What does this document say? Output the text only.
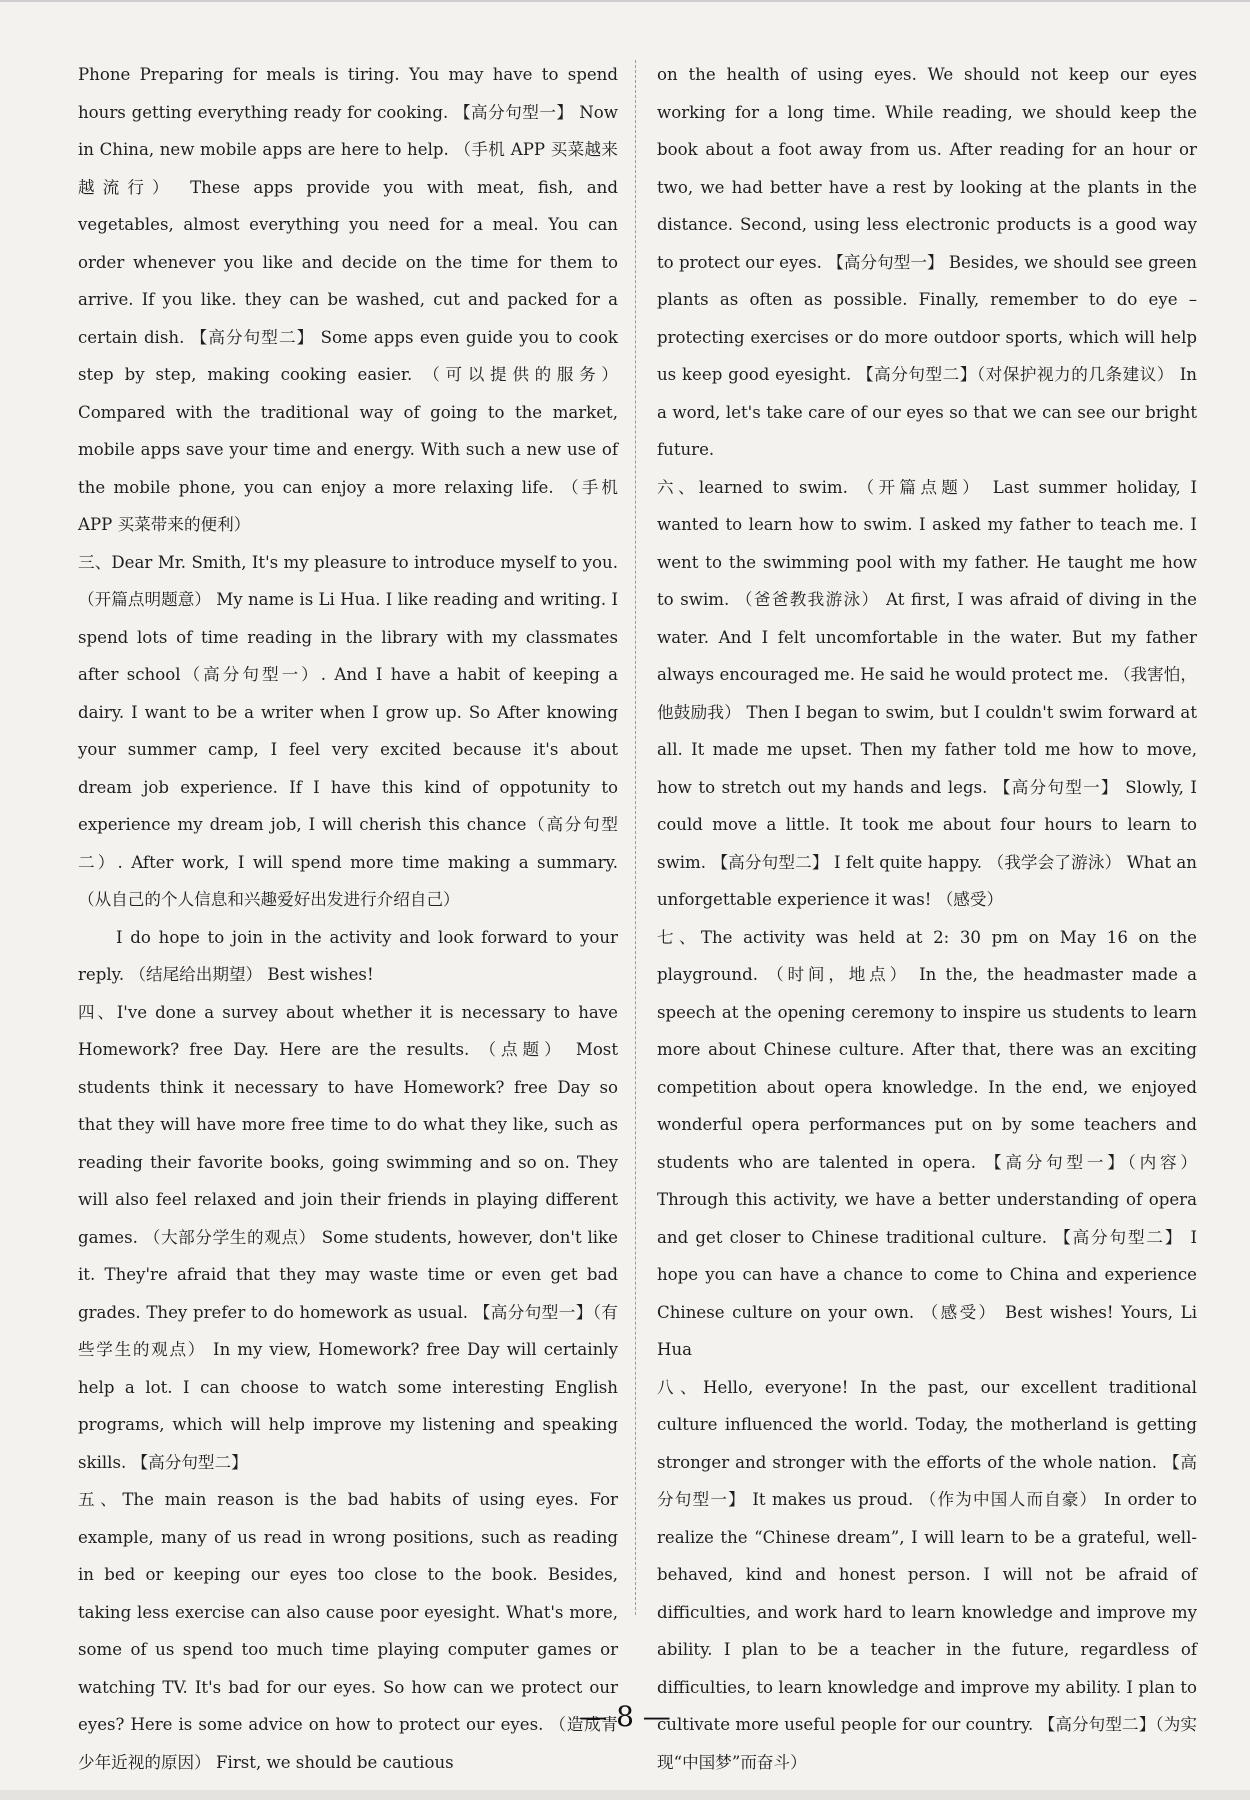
Phone Preparing for meals is tiring. You may have to spend hours getting everything ready for cooking. 【高分句型一】 Now in China, new mobile apps are here to help. （手机 APP 买菜越来越流行） These apps provide you with meat, fish, and vegetables, almost everything you need for a meal. You can order whenever you like and decide on the time for them to arrive. If you like. they can be washed, cut and packed for a certain dish. 【高分句型二】 Some apps even guide you to cook step by step, making cooking easier. （可以提供的服务） Compared with the traditional way of going to the market, mobile apps save your time and energy. With such a new use of the mobile phone, you can enjoy a more relaxing life. （手机 APP 买菜带来的便利）

三、Dear Mr. Smith, It's my pleasure to introduce myself to you. （开篇点明题意） My name is Li Hua. I like reading and writing. I spend lots of time reading in the library with my classmates after school（高分句型一）. And I have a habit of keeping a dairy. I want to be a writer when I grow up. So After knowing your summer camp, I feel very excited because it's about dream job experience. If I have this kind of oppotunity to experience my dream job, I will cherish this chance（高分句型二）. After work, I will spend more time making a summary. （从自己的个人信息和兴趣爱好出发进行介绍自己）

I do hope to join in the activity and look forward to your reply. （结尾给出期望） Best wishes!

四、I've done a survey about whether it is necessary to have Homework? free Day. Here are the results. （点题） Most students think it necessary to have Homework? free Day so that they will have more free time to do what they like, such as reading their favorite books, going swimming and so on. They will also feel relaxed and join their friends in playing different games. （大部分学生的观点） Some students, however, don't like it. They're afraid that they may waste time or even get bad grades. They prefer to do homework as usual. 【高分句型一】（有些学生的观点） In my view, Homework? free Day will certainly help a lot. I can choose to watch some interesting English programs, which will help improve my listening and speaking skills. 【高分句型二】

五、The main reason is the bad habits of using eyes. For example, many of us read in wrong positions, such as reading in bed or keeping our eyes too close to the book. Besides, taking less exercise can also cause poor eyesight. What's more, some of us spend too much time playing computer games or watching TV. It's bad for our eyes. So how can we protect our eyes? Here is some advice on how to protect our eyes. （造成青少年近视的原因） First, we should be cautious

on the health of using eyes. We should not keep our eyes working for a long time. While reading, we should keep the book about a foot away from us. After reading for an hour or two, we had better have a rest by looking at the plants in the distance. Second, using less electronic products is a good way to protect our eyes. 【高分句型一】 Besides, we should see green plants as often as possible. Finally, remember to do eye – protecting exercises or do more outdoor sports, which will help us keep good eyesight. 【高分句型二】（对保护视力的几条建议） In a word, let's take care of our eyes so that we can see our bright future.

六、learned to swim. （开篇点题） Last summer holiday, I wanted to learn how to swim. I asked my father to teach me. I went to the swimming pool with my father. He taught me how to swim. （爸爸教我游泳） At first, I was afraid of diving in the water. And I felt uncomfortable in the water. But my father always encouraged me. He said he would protect me. （我害怕，他鼓励我） Then I began to swim, but I couldn't swim forward at all. It made me upset. Then my father told me how to move, how to stretch out my hands and legs. 【高分句型一】 Slowly, I could move a little. It took me about four hours to learn to swim. 【高分句型二】 I felt quite happy. （我学会了游泳） What an unforgettable experience it was! （感受）

七、The activity was held at 2: 30 pm on May 16 on the playground. （时间，地点） In the, the headmaster made a speech at the opening ceremony to inspire us students to learn more about Chinese culture. After that, there was an exciting competition about opera knowledge. In the end, we enjoyed wonderful opera performances put on by some teachers and students who are talented in opera. 【高分句型一】（内容） Through this activity, we have a better understanding of opera and get closer to Chinese traditional culture. 【高分句型二】 I hope you can have a chance to come to China and experience Chinese culture on your own. （感受） Best wishes! Yours, Li Hua

八、Hello, everyone! In the past, our excellent traditional culture influenced the world. Today, the motherland is getting stronger and stronger with the efforts of the whole nation. 【高分句型一】 It makes us proud. （作为中国人而自豪） In order to realize the “Chinese dream”, I will learn to be a grateful, well-behaved, kind and honest person. I will not be afraid of difficulties, and work hard to learn knowledge and improve my ability. I plan to be a teacher in the future, regardless of difficulties, to learn knowledge and improve my ability. I plan to cultivate more useful people for our country. 【高分句型二】（为实现“中国梦”而奋斗）

— 8 —
